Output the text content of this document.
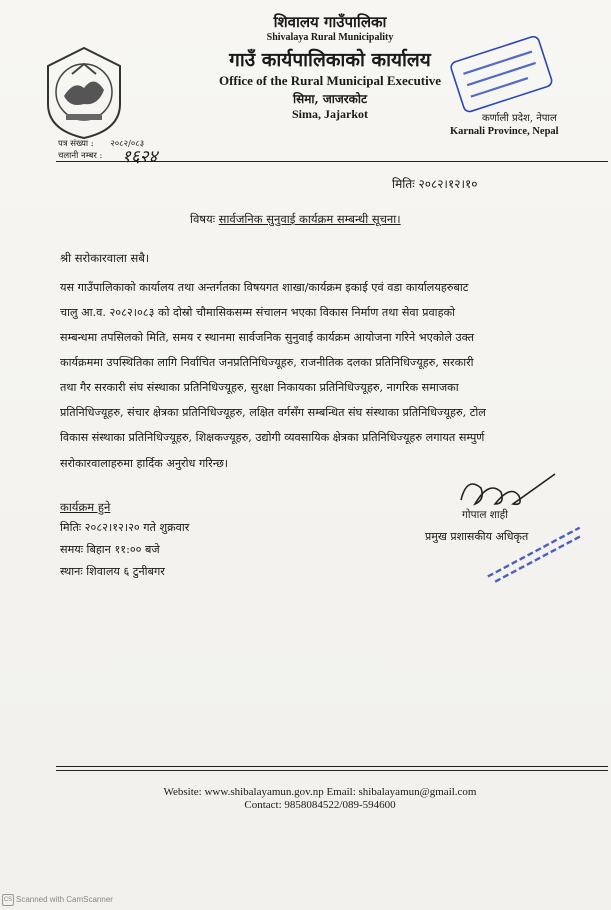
शिवालय गाउँपालिका
Shivalaya Rural Municipality
गाउँ कार्यपालिकाको कार्यालय
Office of the Rural Municipal Executive
सिमा, जाजरकोट
Sima, Jajarkot	कर्णाली प्रदेश, नेपाल
Karnali Province, Nepal
पत्र संख्या : २०८२/०८३
चलानी नम्बर : १६२४
मितिः २०८२।१२।१०
विषयः सार्वजनिक सुनुवाई कार्यक्रम सम्बन्धी सूचना।
श्री सरोकारवाला सबै।
यस गाउँपालिकाको कार्यालय तथा अन्तर्गतका विषयगत शाखा/कार्यक्रम इकाई एवं वडा कार्यालयहरुबाट
चालु आ.व. २०८२।०८३ को दोस्रो चौमासिकसम्म संचालन भएका विकास निर्माण तथा सेवा प्रवाहको
सम्बन्धमा तपसिलको मिति, समय र स्थानमा सार्वजनिक सुनुवाई कार्यक्रम आयोजना गरिने भएकोले उक्त
कार्यक्रममा उपस्थितिका लागि निर्वाचित जनप्रतिनिधिज्यूहरु, राजनीतिक दलका प्रतिनिधिज्यूहरु, सरकारी
तथा गैर सरकारी संघ संस्थाका प्रतिनिधिज्यूहरु, सुरक्षा निकायका प्रतिनिधिज्यूहरु, नागरिक समाजका
प्रतिनिधिज्यूहरु, संचार क्षेत्रका प्रतिनिधिज्यूहरु, लक्षित वर्गसँग सम्बन्धित संघ संस्थाका प्रतिनिधिज्यूहरु, टोल
विकास संस्थाका प्रतिनिधिज्यूहरु, शिक्षकज्यूहरु, उद्योगी व्यवसायिक क्षेत्रका प्रतिनिधिज्यूहरु लगायत सम्पुर्ण
सरोकारवालाहरुमा हार्दिक अनुरोध गरिन्छ।
कार्यक्रम हुने
मितिः २०८२।१२।२० गते शुक्रवार
समयः बिहान ११:०० बजे
स्थानः शिवालय ६ टुनीबगर
गोपाल शाही
प्रमुख प्रशासकीय अधिकृत
Website: www.shibalayamun.gov.np Email: shibalayamun@gmail.com
Contact: 9858084522/089-594600
CS Scanned with CamScanner
